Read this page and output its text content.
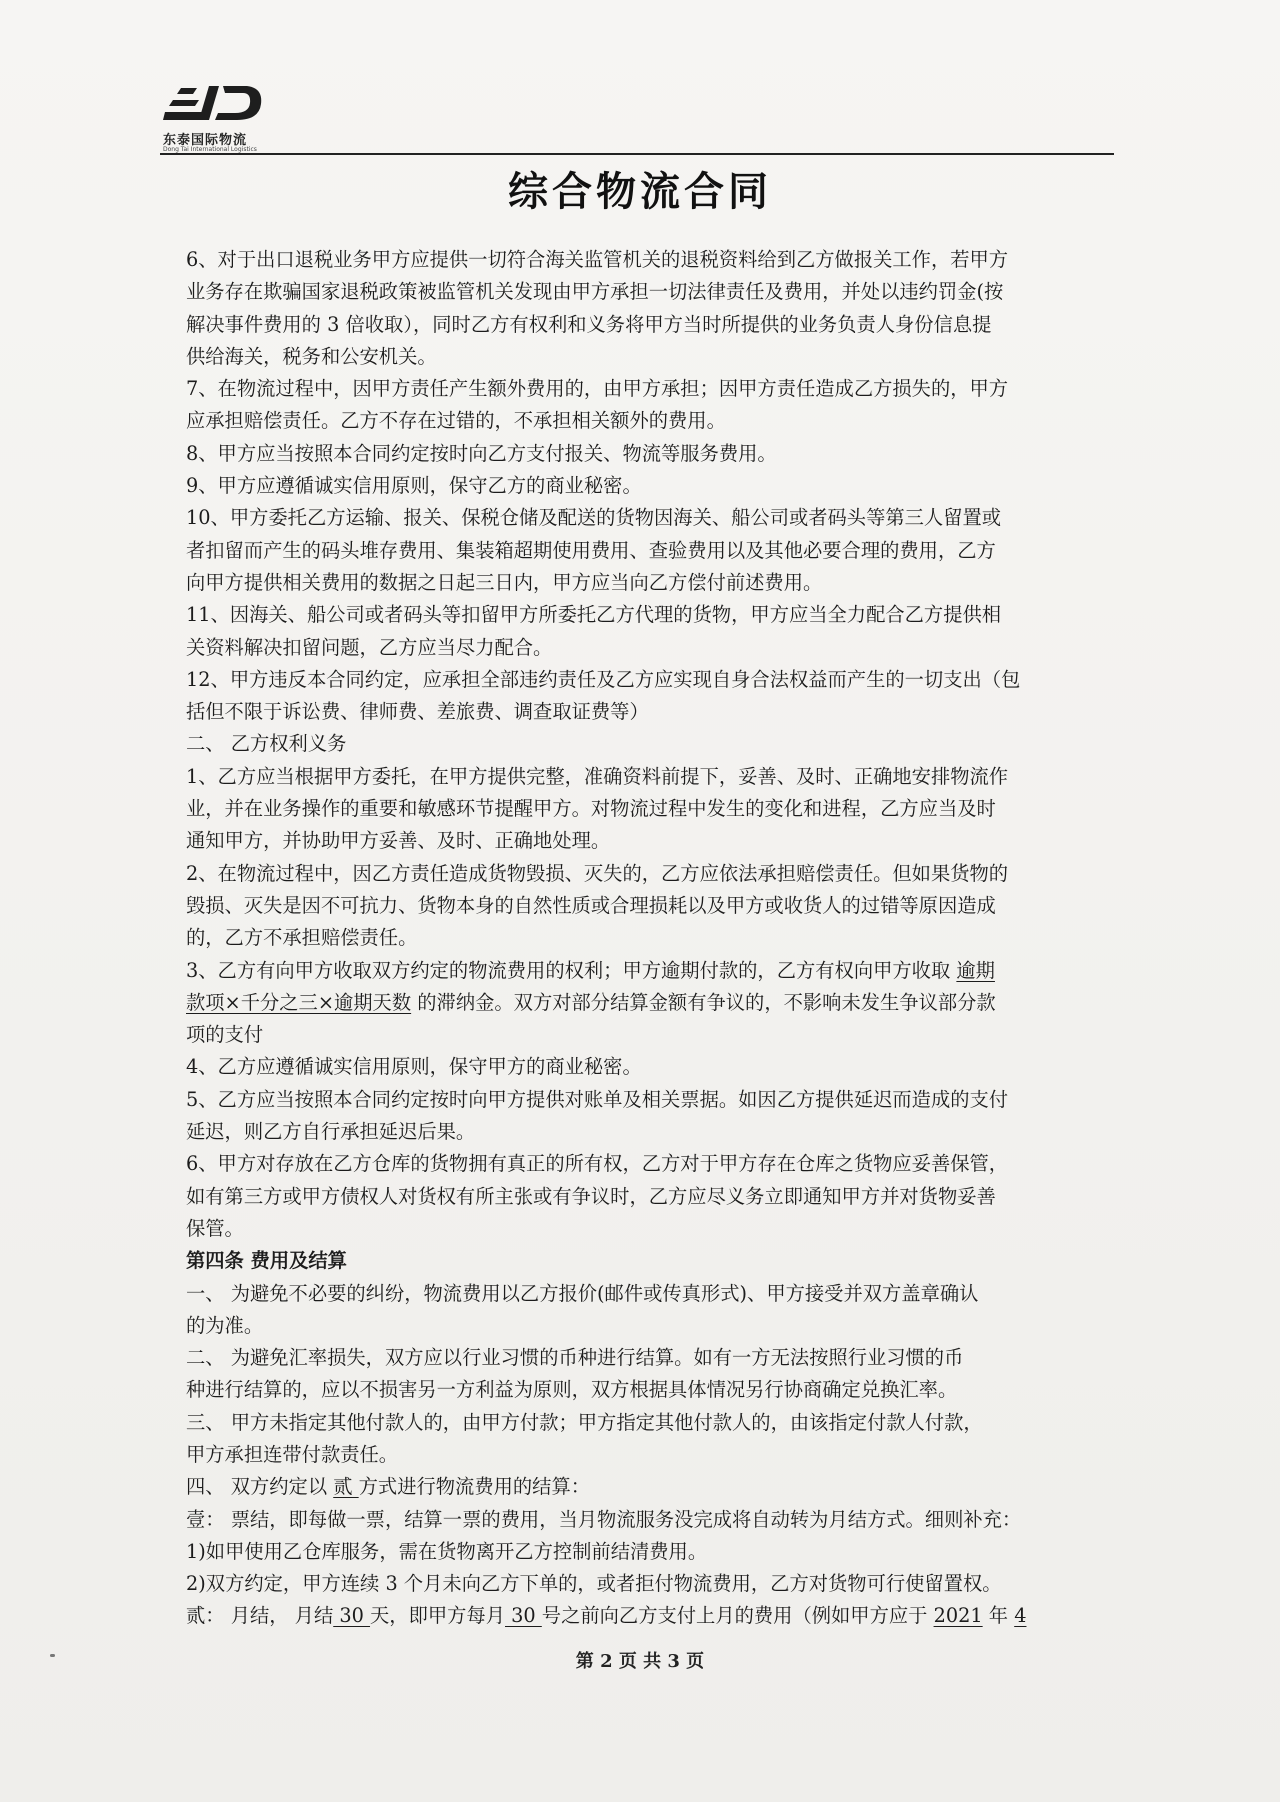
东泰国际物流
Dong Tai International Logistics
综合物流合同
6、对于出口退税业务甲方应提供一切符合海关监管机关的退税资料给到乙方做报关工作，若甲方
业务存在欺骗国家退税政策被监管机关发现由甲方承担一切法律责任及费用，并处以违约罚金(按
解决事件费用的 3 倍收取），同时乙方有权利和义务将甲方当时所提供的业务负责人身份信息提
供给海关，税务和公安机关。
7、在物流过程中，因甲方责任产生额外费用的，由甲方承担；因甲方责任造成乙方损失的，甲方
应承担赔偿责任。乙方不存在过错的，不承担相关额外的费用。
8、甲方应当按照本合同约定按时向乙方支付报关、物流等服务费用。
9、甲方应遵循诚实信用原则，保守乙方的商业秘密。
10、甲方委托乙方运输、报关、保税仓储及配送的货物因海关、船公司或者码头等第三人留置或
者扣留而产生的码头堆存费用、集装箱超期使用费用、查验费用以及其他必要合理的费用，乙方
向甲方提供相关费用的数据之日起三日内，甲方应当向乙方偿付前述费用。
11、因海关、船公司或者码头等扣留甲方所委托乙方代理的货物，甲方应当全力配合乙方提供相
关资料解决扣留问题，乙方应当尽力配合。
12、甲方违反本合同约定，应承担全部违约责任及乙方应实现自身合法权益而产生的一切支出（包
括但不限于诉讼费、律师费、差旅费、调查取证费等）
二、 乙方权利义务
1、乙方应当根据甲方委托，在甲方提供完整，准确资料前提下，妥善、及时、正确地安排物流作
业，并在业务操作的重要和敏感环节提醒甲方。对物流过程中发生的变化和进程，乙方应当及时
通知甲方，并协助甲方妥善、及时、正确地处理。
2、在物流过程中，因乙方责任造成货物毁损、灭失的，乙方应依法承担赔偿责任。但如果货物的
毁损、灭失是因不可抗力、货物本身的自然性质或合理损耗以及甲方或收货人的过错等原因造成
的，乙方不承担赔偿责任。
3、乙方有向甲方收取双方约定的物流费用的权利；甲方逾期付款的，乙方有权向甲方收取 逾期
款项×千分之三×逾期天数 的滞纳金。双方对部分结算金额有争议的，不影响未发生争议部分款
项的支付
4、乙方应遵循诚实信用原则，保守甲方的商业秘密。
5、乙方应当按照本合同约定按时向甲方提供对账单及相关票据。如因乙方提供延迟而造成的支付
延迟，则乙方自行承担延迟后果。
6、甲方对存放在乙方仓库的货物拥有真正的所有权，乙方对于甲方存在仓库之货物应妥善保管，
如有第三方或甲方债权人对货权有所主张或有争议时，乙方应尽义务立即通知甲方并对货物妥善
保管。
第四条 费用及结算
一、 为避免不必要的纠纷，物流费用以乙方报价(邮件或传真形式)、甲方接受并双方盖章确认
的为准。
二、 为避免汇率损失，双方应以行业习惯的币种进行结算。如有一方无法按照行业习惯的币
种进行结算的，应以不损害另一方利益为原则，双方根据具体情况另行协商确定兑换汇率。
三、 甲方未指定其他付款人的，由甲方付款；甲方指定其他付款人的，由该指定付款人付款，
甲方承担连带付款责任。
四、 双方约定以 贰 方式进行物流费用的结算：
壹： 票结，即每做一票，结算一票的费用，当月物流服务没完成将自动转为月结方式。细则补充：
1)如甲使用乙仓库服务，需在货物离开乙方控制前结清费用。
2)双方约定，甲方连续 3 个月未向乙方下单的，或者拒付物流费用，乙方对货物可行使留置权。
贰： 月结， 月结 30 天，即甲方每月 30 号之前向乙方支付上月的费用（例如甲方应于 2021 年 4
第 2 页 共 3 页
